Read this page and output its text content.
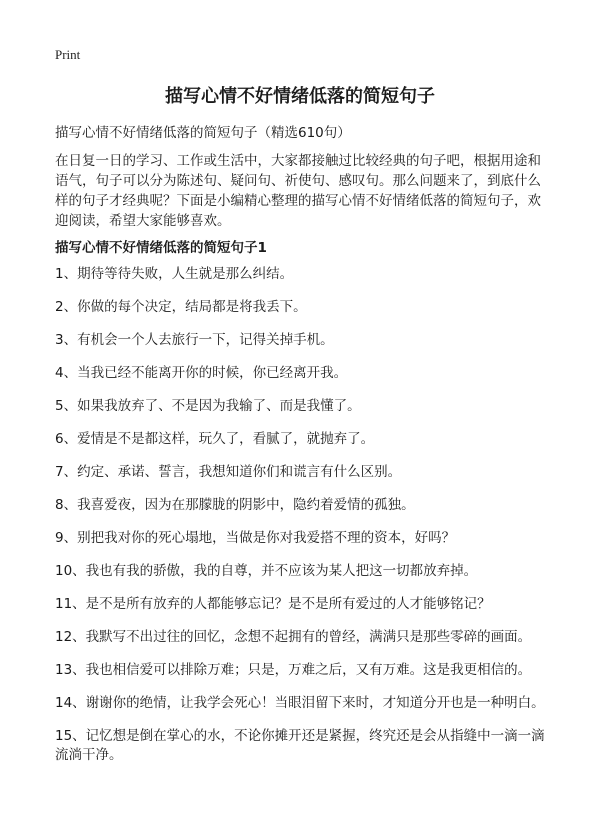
Print
描写心情不好情绪低落的简短句子

描写心情不好情绪低落的简短句子（精选610句）

在日复一日的学习、工作或生活中，大家都接触过比较经典的句子吧，根据用途和语气，句子可以分为陈述句、疑问句、祈使句、感叹句。那么问题来了，到底什么样的句子才经典呢？下面是小编精心整理的描写心情不好情绪低落的简短句子，欢迎阅读，希望大家能够喜欢。

描写心情不好情绪低落的简短句子1
1、期待等待失败，人生就是那么纠结。
2、你做的每个决定，结局都是将我丢下。
3、有机会一个人去旅行一下，记得关掉手机。
4、当我已经不能离开你的时候，你已经离开我。
5、如果我放弃了、不是因为我输了、而是我懂了。
6、爱情是不是都这样，玩久了，看腻了，就抛弃了。
7、约定、承诺、誓言，我想知道你们和谎言有什么区别。
8、我喜爱夜，因为在那朦胧的阴影中，隐约着爱情的孤独。
9、别把我对你的死心塌地，当做是你对我爱搭不理的资本，好吗？
10、我也有我的骄傲，我的自尊，并不应该为某人把这一切都放弃掉。
11、是不是所有放弃的人都能够忘记？是不是所有爱过的人才能够铭记？
12、我默写不出过往的回忆，念想不起拥有的曾经，满满只是那些零碎的画面。
13、我也相信爱可以排除万难；只是，万难之后，又有万难。这是我更相信的。
14、谢谢你的绝情，让我学会死心！当眼泪留下来时，才知道分开也是一种明白。
15、记忆想是倒在掌心的水，不论你摊开还是紧握，终究还是会从指缝中一滴一滴流淌干净。
